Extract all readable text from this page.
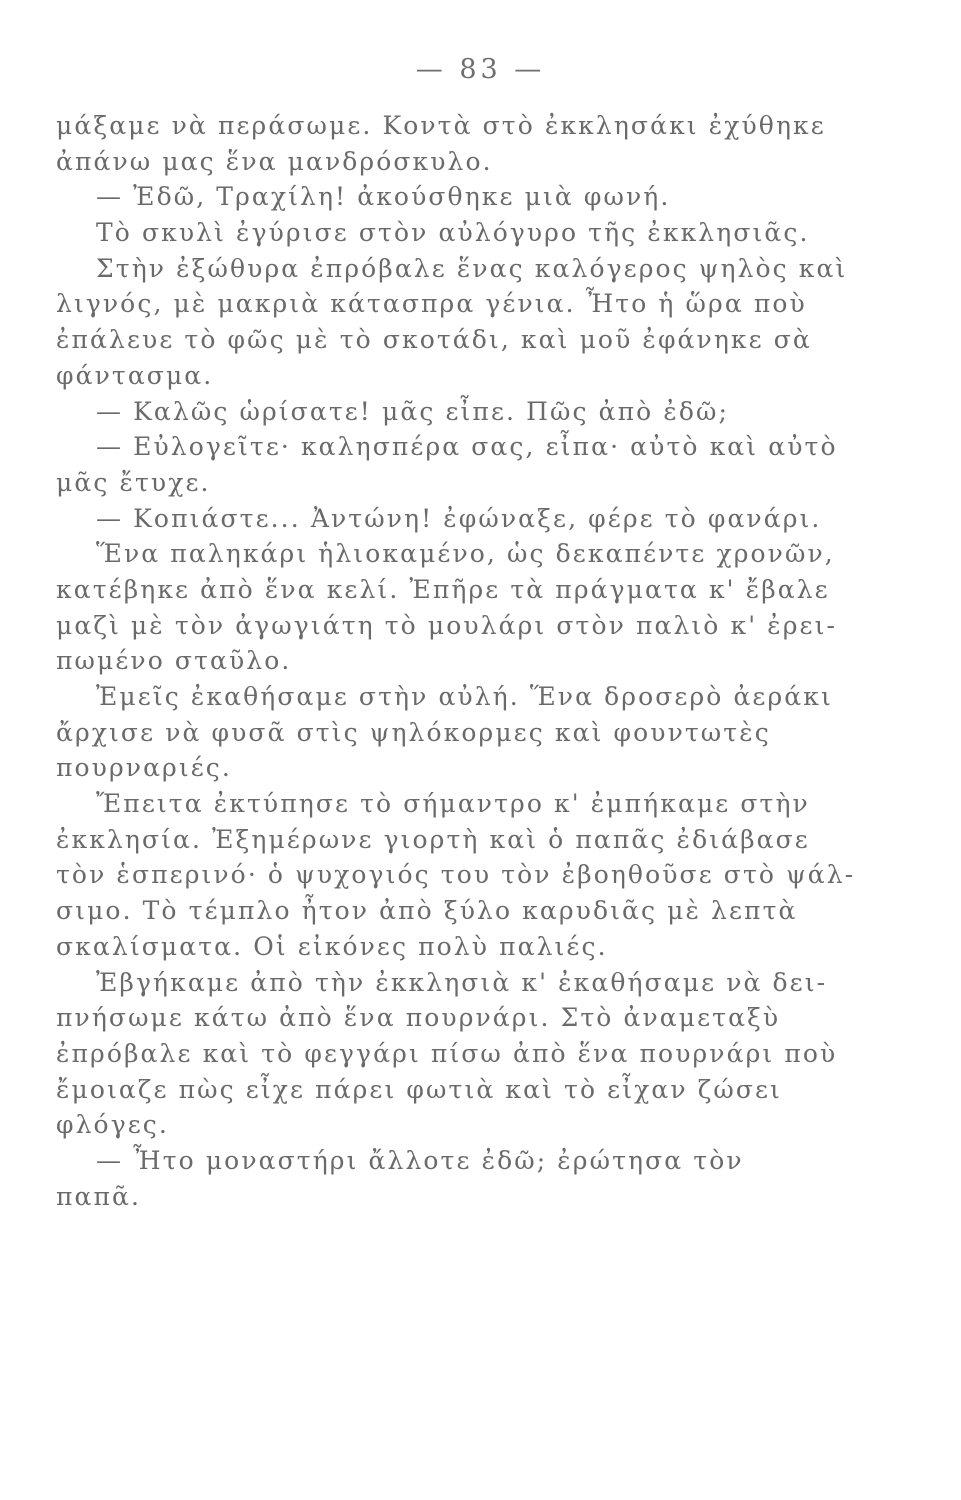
— 83 —
μάξαμε νὰ περάσωμε. Κοντὰ στὸ ἐκκλησάκι ἐχύθηκε
ἀπάνω μας ἕνα μανδρόσκυλο.
— Ἐδῶ, Τραχίλη! ἀκούσθηκε μιὰ φωνή.
Τὸ σκυλὶ ἐγύρισε στὸν αὐλόγυρο τῆς ἐκκλησιᾶς.
Στὴν ἐξώθυρα ἐπρόβαλε ἕνας καλόγερος ψηλὸς καὶ
λιγνός, μὲ μακριὰ κάτασπρα γένια. Ἦτο ἡ ὥρα ποὺ
ἐπάλευε τὸ φῶς μὲ τὸ σκοτάδι, καὶ μοῦ ἐφάνηκε σὰ
φάντασμα.
— Καλῶς ὡρίσατε! μᾶς εἶπε. Πῶς ἀπὸ ἐδῶ;
— Εὐλογεῖτε· καλησπέρα σας, εἶπα· αὐτὸ καὶ αὐτὸ
μᾶς ἔτυχε.
— Κοπιάστε... Ἀντώνη! ἐφώναξε, φέρε τὸ φανάρι.
Ἕνα παληκάρι ἡλιοκαμένο, ὡς δεκαπέντε χρονῶν,
κατέβηκε ἀπὸ ἕνα κελί. Ἐπῆρε τὰ πράγματα κ' ἔβαλε
μαζὶ μὲ τὸν ἀγωγιάτη τὸ μουλάρι στὸν παλιὸ κ' ἐρει-
πωμένο σταῦλο.
Ἐμεῖς ἐκαθήσαμε στὴν αὐλή. Ἕνα δροσερὸ ἀεράκι
ἄρχισε νὰ φυσᾶ στὶς ψηλόκορμες καὶ φουντωτὲς
πουρναριές.
Ἔπειτα ἐκτύπησε τὸ σήμαντρο κ' ἐμπήκαμε στὴν
ἐκκλησία. Ἐξημέρωνε γιορτὴ καὶ ὁ παπᾶς ἐδιάβασε
τὸν ἑσπερινό· ὁ ψυχογιός του τὸν ἐβοηθοῦσε στὸ ψάλ-
σιμο. Τὸ τέμπλο ἦτον ἀπὸ ξύλο καρυδιᾶς μὲ λεπτὰ
σκαλίσματα. Οἱ εἰκόνες πολὺ παλιές.
Ἐβγήκαμε ἀπὸ τὴν ἐκκλησιὰ κ' ἐκαθήσαμε νὰ δει-
πνήσωμε κάτω ἀπὸ ἕνα πουρνάρι. Στὸ ἀναμεταξὺ
ἐπρόβαλε καὶ τὸ φεγγάρι πίσω ἀπὸ ἕνα πουρνάρι ποὺ
ἔμοιαζε πὼς εἶχε πάρει φωτιὰ καὶ τὸ εἶχαν ζώσει
φλόγες.
— Ἦτο μοναστήρι ἄλλοτε ἐδῶ; ἐρώτησα τὸν
παπᾶ.
